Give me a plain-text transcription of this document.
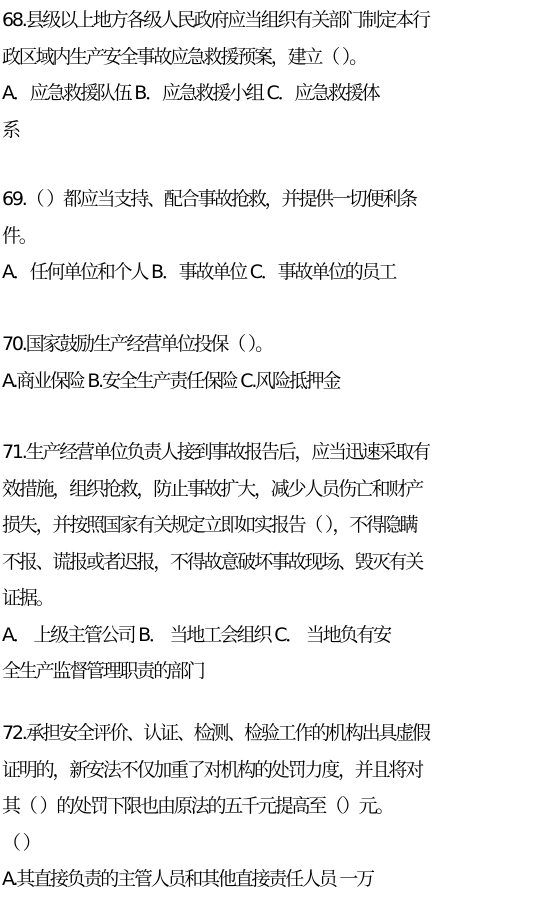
68.县级以上地方各级人民政府应当组织有关部门制定本行
政区域内生产安全事故应急救援预案，建立（ ）。
A．应急救援队伍 B．应急救援小组 C．应急救援体
系
69.（ ）都应当支持、配合事故抢救，并提供一切便利条
件。
A．任何单位和个人 B．事故单位 C．事故单位的员工
70.国家鼓励生产经营单位投保（ ）。
A.商业保险 B.安全生产责任保险 C.风险抵押金
71.生产经营单位负责人接到事故报告后，应当迅速采取有
效措施，组织抢救，防止事故扩大，减少人员伤亡和财产
损失，并按照国家有关规定立即如实报告（ ），不得隐瞒
不报、谎报或者迟报，不得故意破坏事故现场、毁灭有关
证据。
A． 上级主管公司 B． 当地工会组织 C． 当地负有安
全生产监督管理职责的部门
72.承担安全评价、认证、检测、检验工作的机构出具虚假
证明的，新安法不仅加重了对机构的处罚力度，并且将对
其（ ）的处罚下限也由原法的五千元提高至（）元。
（ ）
A.其直接负责的主管人员和其他直接责任人员 一万
